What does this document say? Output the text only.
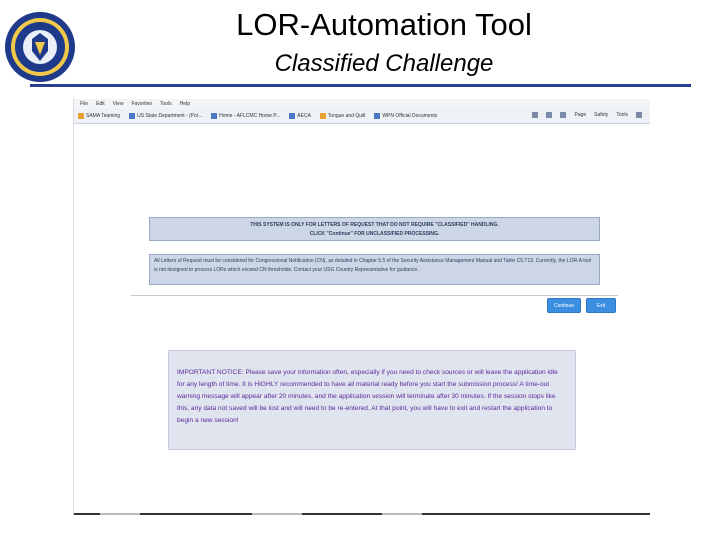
LOR-Automation Tool
Classified Challenge
File Edit View Favorites Tools Help
SAMA Teaming	US State Department - (Pol...	Home - AFLCMC Home P...	AECA	Tongue and Quill	WPN Official Documents	Page Safety Tools
THIS SYSTEM IS ONLY FOR LETTERS OF REQUEST THAT DO NOT REQUIRE "CLASSIFIED" HANDLING.
CLICK "Continue" FOR UNCLASSIFIED PROCESSING.
All Letters of Request must be considered for Congressional Notification (CN), as detailed in Chapter 5.5 of the Security Assistance Management Manual and Table C5.T13. Currently, the LOR-A tool is not designed to process LORs which exceed CN thresholds. Contact your USG Country Representative for guidance.
Continue	Exit
IMPORTANT NOTICE: Please save your information often, especially if you need to check sources or will leave the application idle for any length of time. It is HIGHLY recommended to have all material ready before you start the submission process! A time-out warning message will appear after 20 minutes, and the application session will terminate after 30 minutes. If the session stops like this, any data not saved will be lost and will need to be re-entered. At that point, you will have to exit and restart the application to begin a new session!
